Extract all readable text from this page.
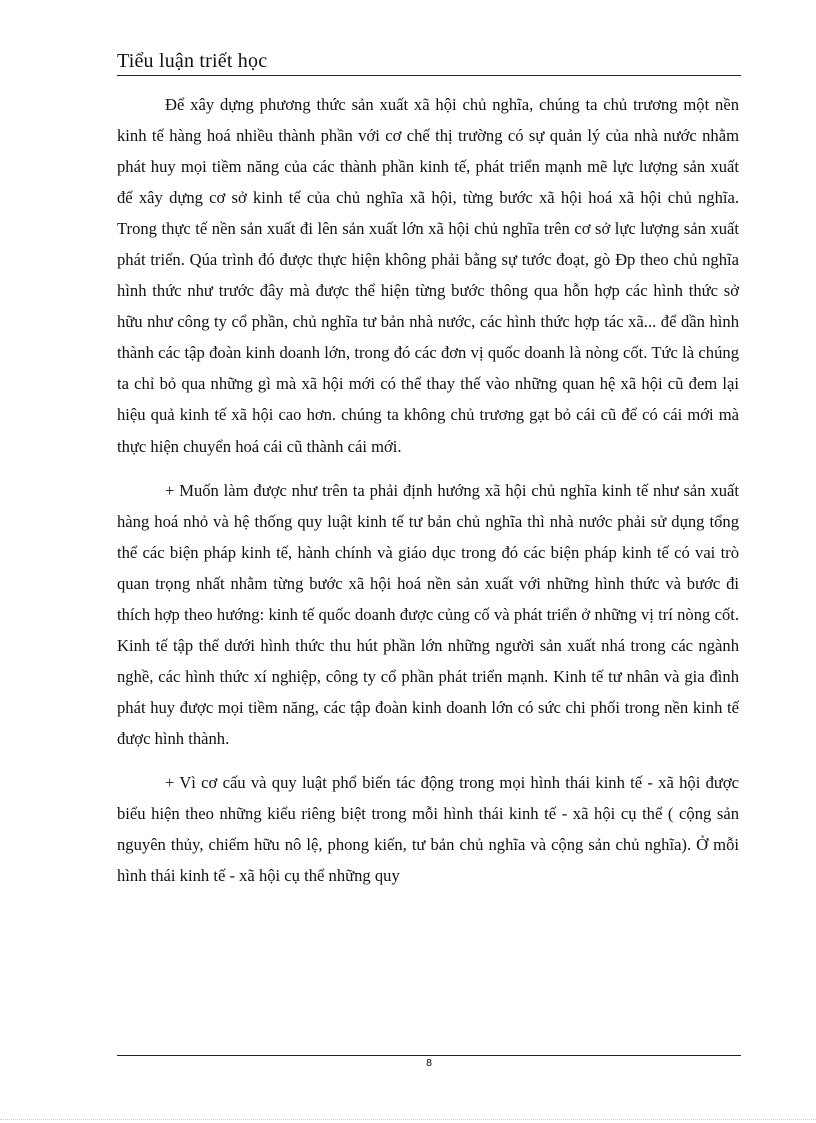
Tiểu luận triết học

Để xây dựng phương thức sản xuất xã hội chủ nghĩa, chúng ta chủ trương một nền kinh tế hàng hoá nhiều thành phần với cơ chế thị trường có sự quản lý của nhà nước nhằm phát huy mọi tiềm năng của các thành phần kinh tế, phát triển mạnh mẽ lực lượng sản xuất để xây dựng cơ sở kinh tế của chủ nghĩa xã hội, từng bước xã hội hoá xã hội chủ nghĩa. Trong thực tế nền sản xuất đi lên sản xuất lớn xã hội chủ nghĩa trên cơ sở lực lượng sản xuất phát triển. Qúa trình đó được thực hiện không phải bằng sự tước đoạt, gò Đp theo chủ nghĩa hình thức như trước đây mà được thể hiện từng bước thông qua hỗn hợp các hình thức sở hữu như công ty cổ phần, chủ nghĩa tư bản nhà nước, các hình thức hợp tác xã... để dần hình thành các tập đoàn kinh doanh lớn, trong đó các đơn vị quốc doanh là nòng cốt. Tức là chúng ta chỉ bỏ qua những gì mà xã hội mới có thể thay thế vào những quan hệ xã hội cũ đem lại hiệu quả kinh tế xã hội cao hơn. chúng ta không chủ trương gạt bỏ cái cũ để có cái mới mà thực hiện chuyển hoá cái cũ thành cái mới.

+ Muốn làm được như trên ta phải định hướng xã hội chủ nghĩa kinh tế như sản xuất hàng hoá nhỏ và hệ thống quy luật kinh tế tư bản chủ nghĩa thì nhà nước phải sử dụng tổng thể các biện pháp kinh tế, hành chính và giáo dục trong đó các biện pháp kinh tế có vai trò quan trọng nhất nhằm từng bước xã hội hoá nền sản xuất với những hình thức và bước đi thích hợp theo hướng: kinh tế quốc doanh được củng cố và phát triển ở những vị trí nòng cốt. Kinh tế tập thể dưới hình thức thu hút phần lớn những người sản xuất nhá trong các ngành nghề, các hình thức xí nghiệp, công ty cổ phần phát triển mạnh. Kinh tế tư nhân và gia đình phát huy được mọi tiềm năng, các tập đoàn kinh doanh lớn có sức chi phối trong nền kinh tế được hình thành.

+ Vì cơ cấu và quy luật phổ biến tác động trong mọi hình thái kinh tế - xã hội được biểu hiện theo những kiểu riêng biệt trong mỗi hình thái kinh tế - xã hội cụ thể ( cộng sản nguyên thủy, chiếm hữu nô lệ, phong kiến, tư bản chủ nghĩa và cộng sản chủ nghĩa). Ở mỗi hình thái kinh tế - xã hội cụ thể những quy

8
